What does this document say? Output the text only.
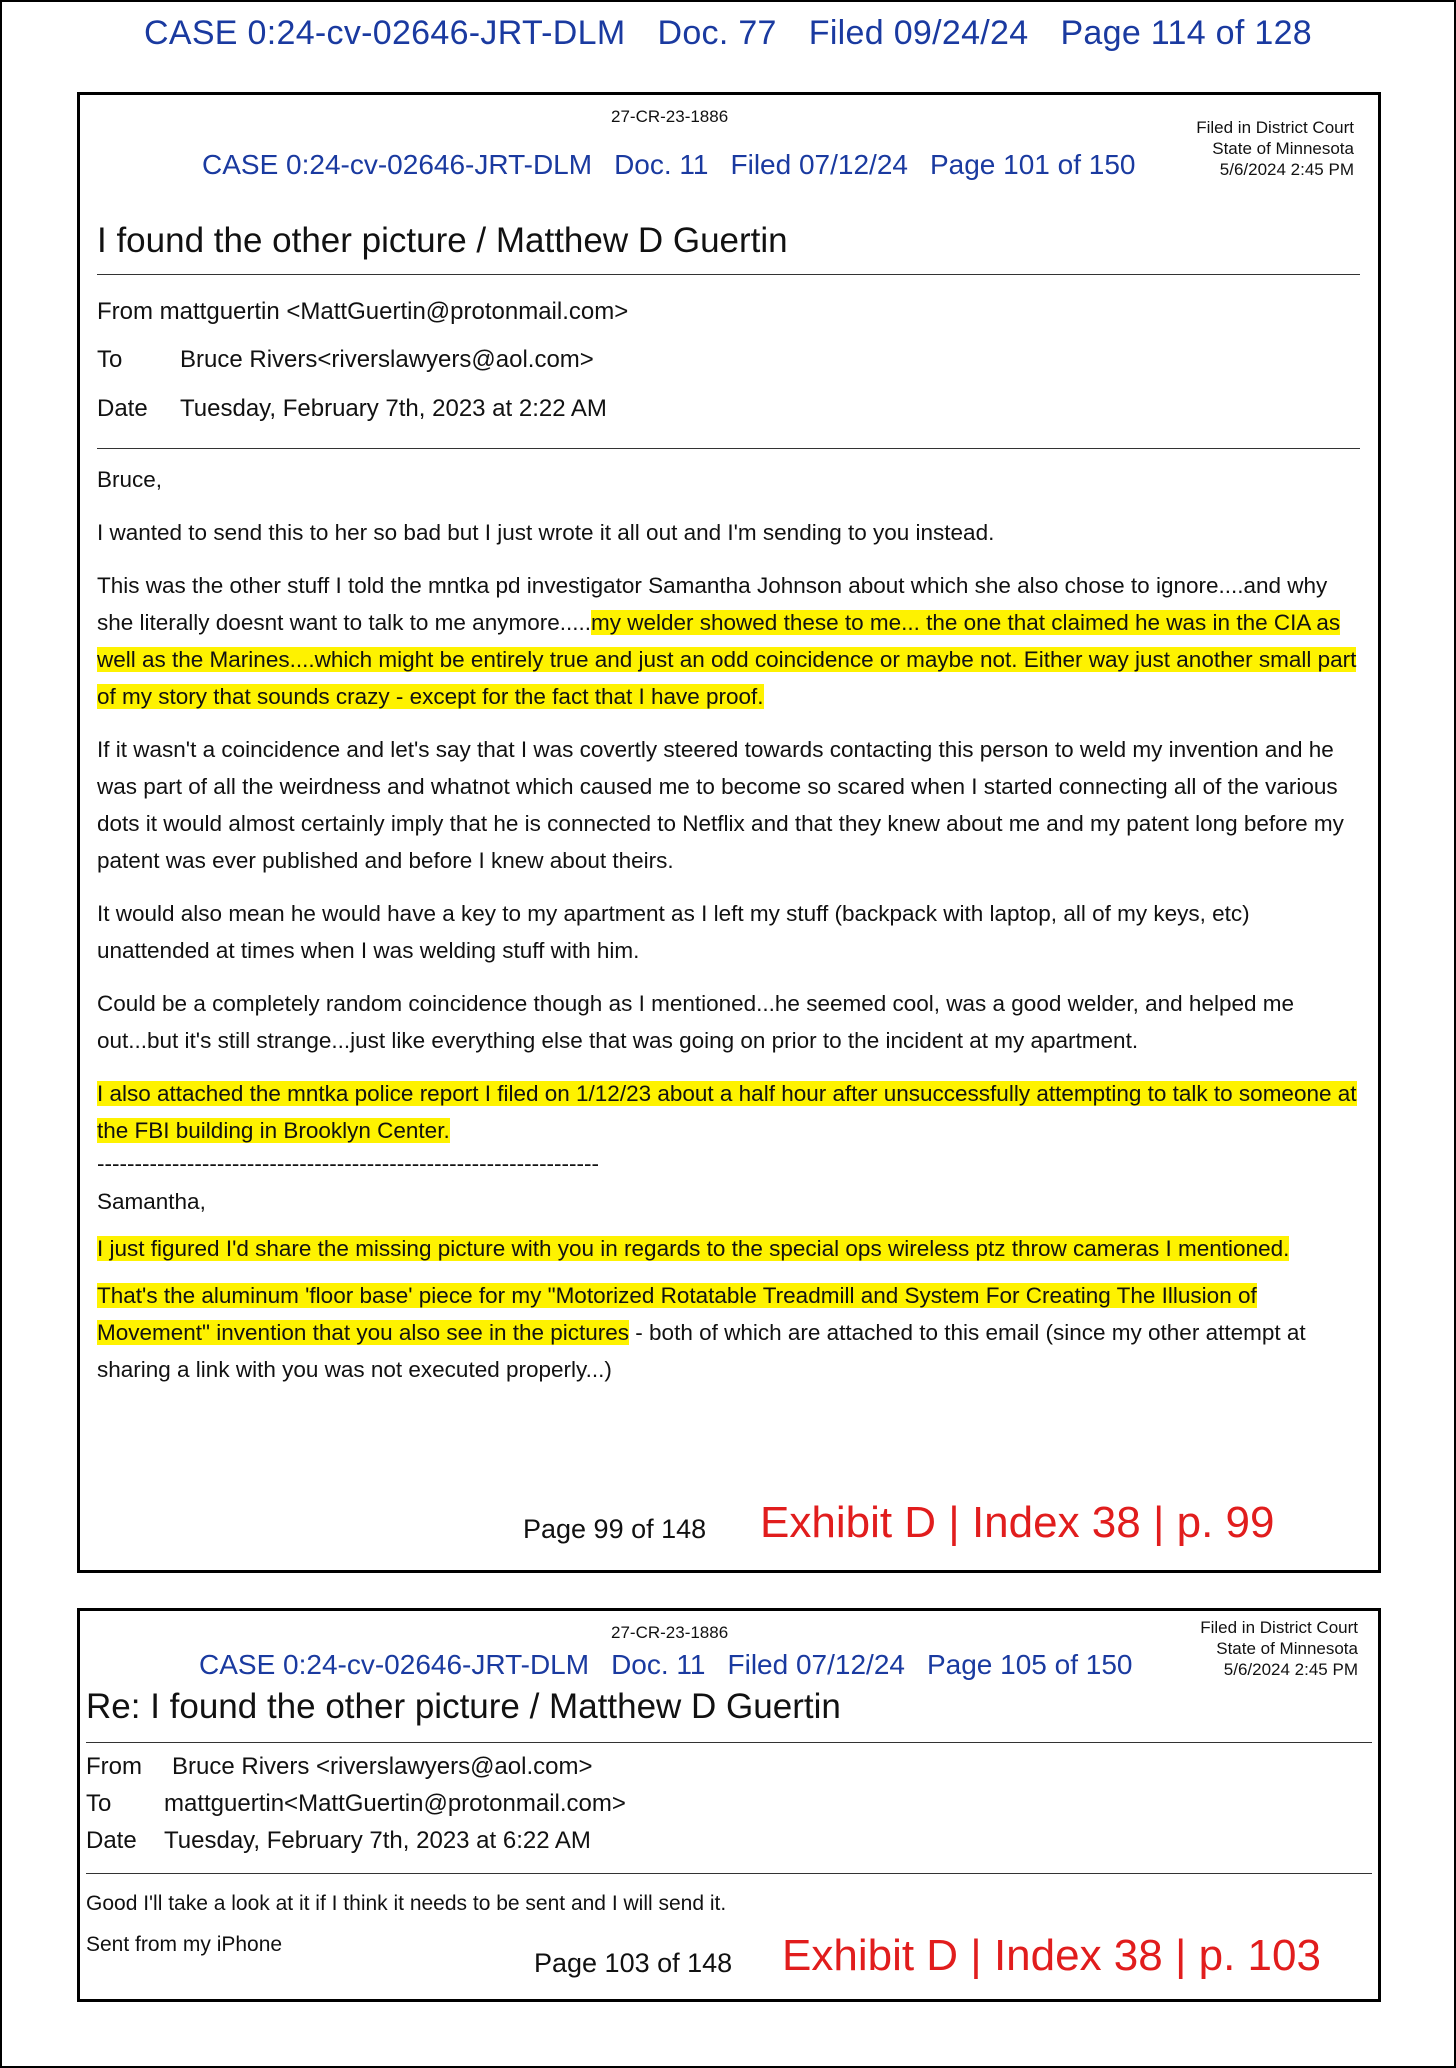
CASE 0:24-cv-02646-JRT-DLM Doc. 77 Filed 09/24/24 Page 114 of 128
27-CR-23-1886
Filed in District Court
State of Minnesota
5/6/2024 2:45 PM
CASE 0:24-cv-02646-JRT-DLM Doc. 11 Filed 07/12/24 Page 101 of 150
I found the other picture / Matthew D Guertin
From mattguertin <MattGuertin@protonmail.com>
To Bruce Rivers<riverslawyers@aol.com>
Date Tuesday, February 7th, 2023 at 2:22 AM

Bruce,

I wanted to send this to her so bad but I just wrote it all out and I'm sending to you instead.

This was the other stuff I told the mntka pd investigator Samantha Johnson about which she also chose to ignore....and why she literally doesnt want to talk to me anymore.....my welder showed these to me... the one that claimed he was in the CIA as well as the Marines....which might be entirely true and just an odd coincidence or maybe not. Either way just another small part of my story that sounds crazy - except for the fact that I have proof.

If it wasn't a coincidence and let's say that I was covertly steered towards contacting this person to weld my invention and he was part of all the weirdness and whatnot which caused me to become so scared when I started connecting all of the various dots it would almost certainly imply that he is connected to Netflix and that they knew about me and my patent long before my patent was ever published and before I knew about theirs.

It would also mean he would have a key to my apartment as I left my stuff (backpack with laptop, all of my keys, etc) unattended at times when I was welding stuff with him.

Could be a completely random coincidence though as I mentioned...he seemed cool, was a good welder, and helped me out...but it's still strange...just like everything else that was going on prior to the incident at my apartment.

I also attached the mntka police report I filed on 1/12/23 about a half hour after unsuccessfully attempting to talk to someone at the FBI building in Brooklyn Center.

-------------------------------------------------------------------

Samantha,

I just figured I'd share the missing picture with you in regards to the special ops wireless ptz throw cameras I mentioned.

That's the aluminum 'floor base' piece for my "Motorized Rotatable Treadmill and System For Creating The Illusion of Movement" invention that you also see in the pictures - both of which are attached to this email (since my other attempt at sharing a link with you was not executed properly...)

Page 99 of 148 Exhibit D | Index 38 | p. 99
27-CR-23-1886	Filed in District Court
State of Minnesota
5/6/2024 2:45 PM
CASE 0:24-cv-02646-JRT-DLM Doc. 11 Filed 07/12/24 Page 105 of 150
Re: I found the other picture / Matthew D Guertin
From Bruce Rivers <riverslawyers@aol.com>
To mattguertin<MattGuertin@protonmail.com>
Date Tuesday, February 7th, 2023 at 6:22 AM
Good I'll take a look at it if I think it needs to be sent and I will send it.
Sent from my iPhone
Page 103 of 148 Exhibit D | Index 38 | p. 103
